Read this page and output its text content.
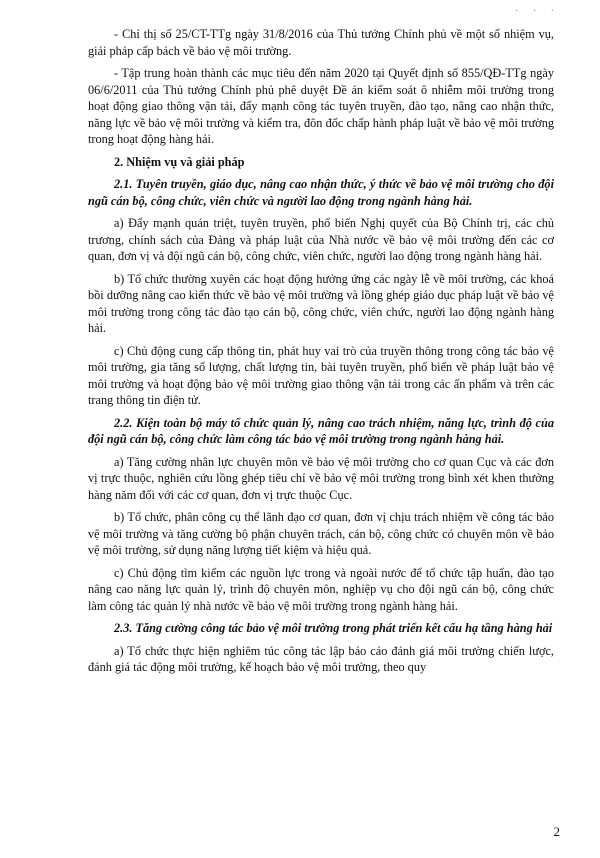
· · ·

- Chỉ thị số 25/CT-TTg ngày 31/8/2016 của Thủ tướng Chính phủ về một số nhiệm vụ, giải pháp cấp bách về bảo vệ môi trường.

- Tập trung hoàn thành các mục tiêu đến năm 2020 tại Quyết định số 855/QĐ-TTg ngày 06/6/2011 của Thủ tướng Chính phủ phê duyệt Đề án kiểm soát ô nhiễm môi trường trong hoạt động giao thông vận tải, đẩy mạnh công tác tuyên truyền, đào tạo, nâng cao nhận thức, năng lực về bảo vệ môi trường và kiểm tra, đôn đốc chấp hành pháp luật về bảo vệ môi trường trong hoạt động hàng hải.

2. Nhiệm vụ và giải pháp

2.1. Tuyên truyền, giáo dục, nâng cao nhận thức, ý thức về bảo vệ môi trường cho đội ngũ cán bộ, công chức, viên chức và người lao động trong ngành hàng hải.

a) Đẩy mạnh quán triệt, tuyên truyền, phổ biến Nghị quyết của Bộ Chính trị, các chủ trương, chính sách của Đảng và pháp luật của Nhà nước về bảo vệ môi trường đến các cơ quan, đơn vị và đội ngũ cán bộ, công chức, viên chức, người lao động trong ngành hàng hải.

b) Tổ chức thường xuyên các hoạt động hưởng ứng các ngày lễ về môi trường, các khoá bồi dưỡng nâng cao kiến thức về bảo vệ môi trường và lồng ghép giáo dục pháp luật về bảo vệ môi trường trong công tác đào tạo cán bộ, công chức, viên chức, người lao động ngành hàng hải.

c) Chủ động cung cấp thông tin, phát huy vai trò của truyền thông trong công tác bảo vệ môi trường, gia tăng số lượng, chất lượng tin, bài tuyên truyền, phổ biến về pháp luật bảo vệ môi trường và hoạt động bảo vệ môi trường giao thông vận tải trong các ấn phẩm và trên các trang thông tin điện tử.

2.2. Kiện toàn bộ máy tổ chức quản lý, nâng cao trách nhiệm, năng lực, trình độ của đội ngũ cán bộ, công chức làm công tác bảo vệ môi trường trong ngành hàng hải.

a) Tăng cường nhân lực chuyên môn về bảo vệ môi trường cho cơ quan Cục và các đơn vị trực thuộc, nghiên cứu lồng ghép tiêu chí về bảo vệ môi trường trong bình xét khen thưởng hàng năm đối với các cơ quan, đơn vị trực thuộc Cục.

b) Tổ chức, phân công cụ thể lãnh đạo cơ quan, đơn vị chịu trách nhiệm về công tác bảo vệ môi trường và tăng cường bộ phận chuyên trách, cán bộ, công chức có chuyên môn về bảo vệ môi trường, sử dụng năng lượng tiết kiệm và hiệu quả.

c) Chủ động tìm kiếm các nguồn lực trong và ngoài nước để tổ chức tập huấn, đào tạo nâng cao năng lực quản lý, trình độ chuyên môn, nghiệp vụ cho đội ngũ cán bộ, công chức làm công tác quản lý nhà nước về bảo vệ môi trường trong ngành hàng hải.

2.3. Tăng cường công tác bảo vệ môi trường trong phát triển kết cấu hạ tầng hàng hải

a) Tổ chức thực hiện nghiêm túc công tác lập báo cáo đánh giá môi trường chiến lược, đánh giá tác động môi trường, kế hoạch bảo vệ môi trường, theo quy

2
